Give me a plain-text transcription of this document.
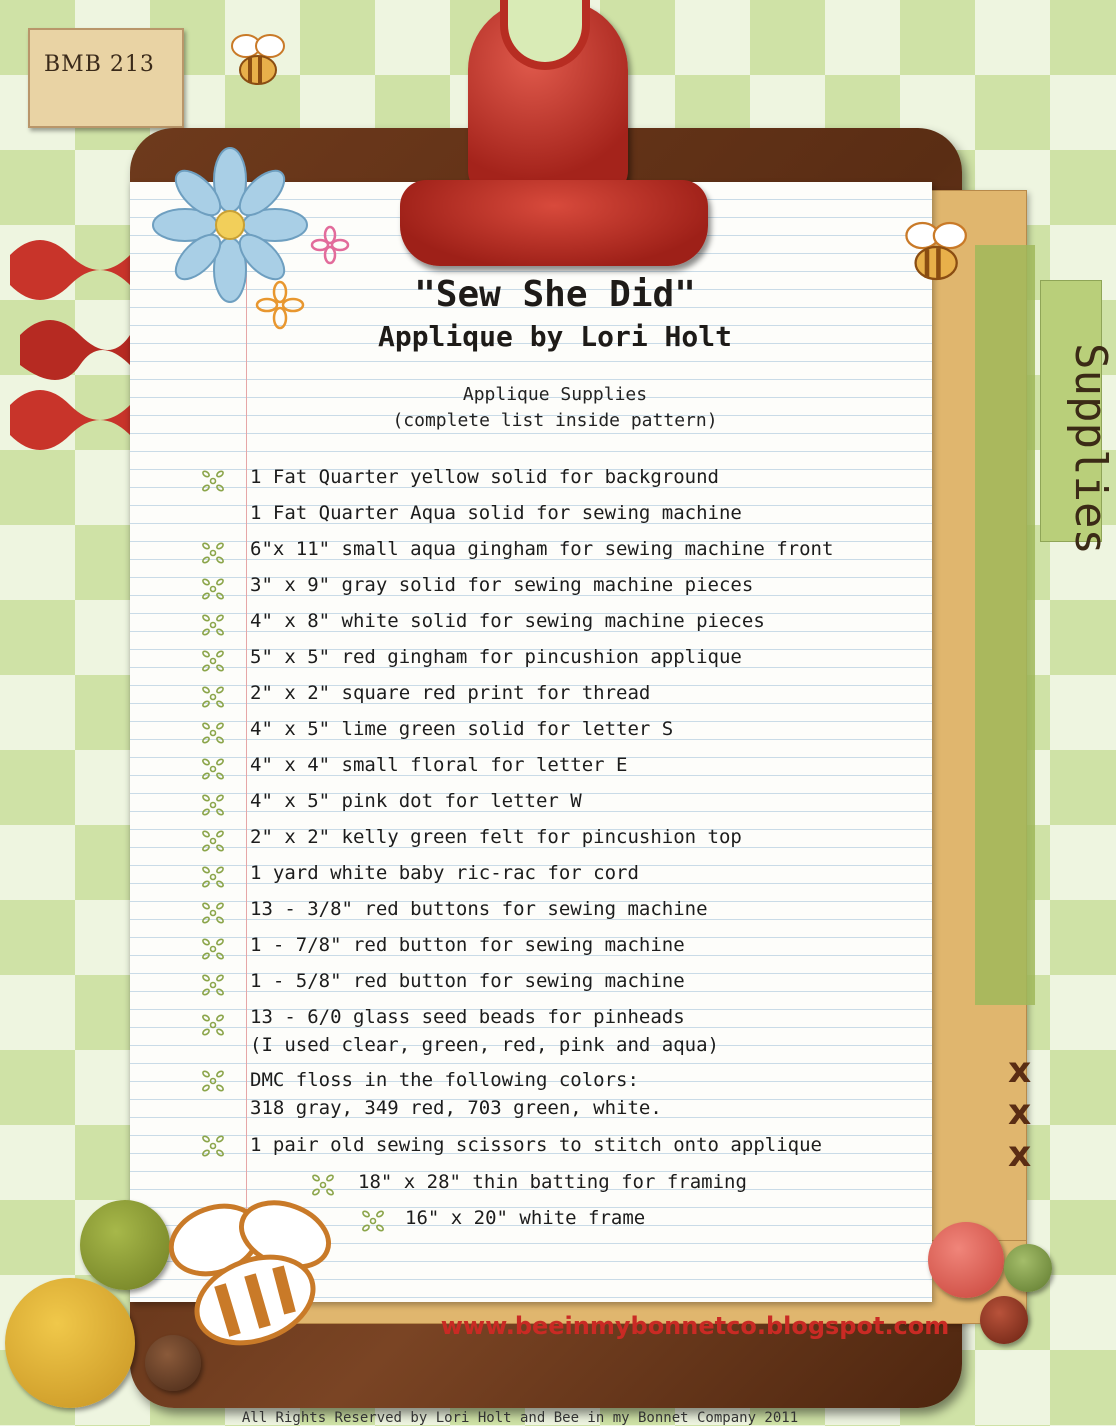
BMB 213
Supplies
"Sew She Did"
Applique by Lori Holt
Applique Supplies
(complete list inside pattern)
1 Fat Quarter yellow solid for background
1 Fat Quarter Aqua solid for sewing machine
6"x 11" small aqua gingham for sewing machine front
3" x 9" gray solid for sewing machine pieces
4" x 8" white solid for sewing machine pieces
5" x 5" red gingham for pincushion applique
2" x 2" square red print for thread
4" x 5" lime green solid for letter S
4" x 4" small floral for letter E
4" x 5" pink dot for letter W
2" x 2" kelly green felt for pincushion top
1 yard white baby ric-rac for cord
13 - 3/8" red buttons for sewing machine
1 - 7/8" red button for sewing machine
1 - 5/8" red button for sewing machine
13 - 6/0 glass seed beads for pinheads
(I used clear, green, red, pink and aqua)
DMC floss in the following colors:
318 gray, 349 red, 703 green, white.
1 pair old sewing scissors to stitch onto applique
18" x 28" thin batting for framing
16" x 20" white frame
x
x
x
www.beeinmybonnetco.blogspot.com
All Rights Reserved by Lori Holt and Bee in my Bonnet Company 2011
